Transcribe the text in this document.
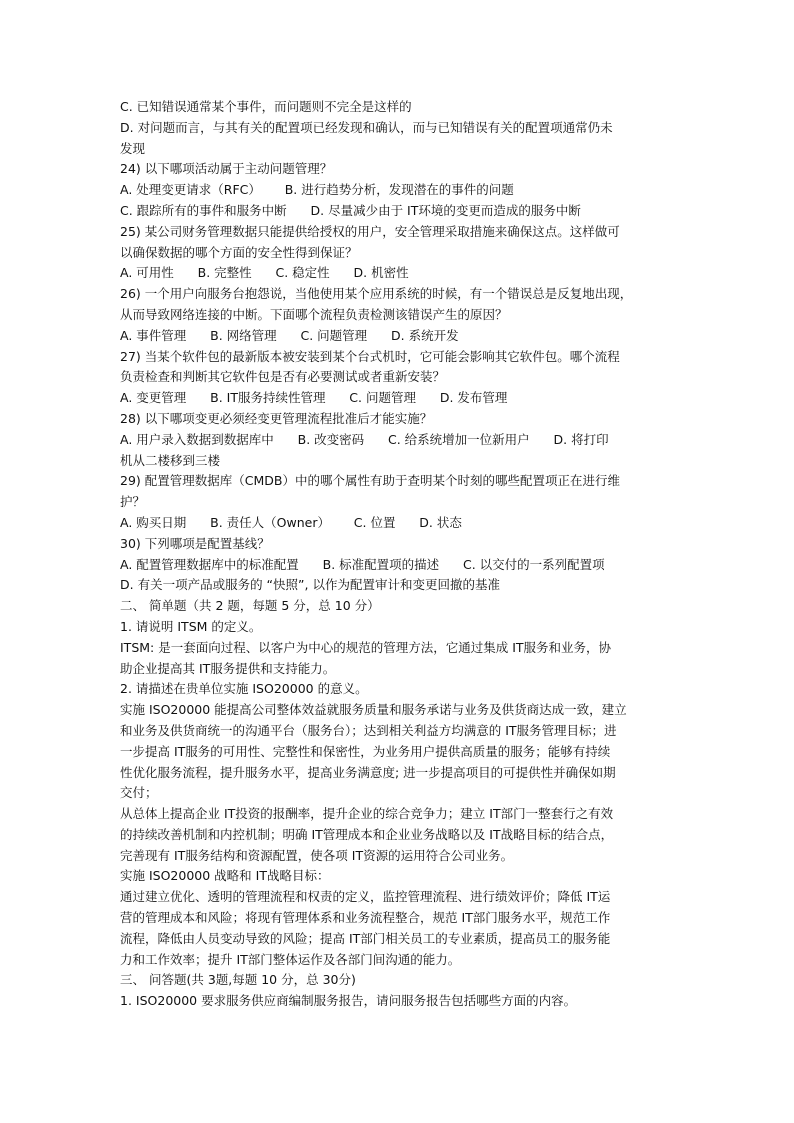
C. 已知错误通常某个事件，而问题则不完全是这样的
D. 对问题而言，与其有关的配置项已经发现和确认，而与已知错误有关的配置项通常仍未
发现
24) 以下哪项活动属于主动问题管理？
A. 处理变更请求（RFC）      B. 进行趋势分析，发现潜在的事件的问题
C. 跟踪所有的事件和服务中断      D. 尽量减少由于 IT环境的变更而造成的服务中断
25) 某公司财务管理数据只能提供给授权的用户，安全管理采取措施来确保这点。这样做可
以确保数据的哪个方面的安全性得到保证？
A. 可用性      B. 完整性      C. 稳定性      D. 机密性
26) 一个用户向服务台抱怨说，当他使用某个应用系统的时候，有一个错误总是反复地出现，
从而导致网络连接的中断。下面哪个流程负责检测该错误产生的原因？
A. 事件管理      B. 网络管理      C. 问题管理      D. 系统开发
27) 当某个软件包的最新版本被安装到某个台式机时，它可能会影响其它软件包。哪个流程
负责检查和判断其它软件包是否有必要测试或者重新安装？
A. 变更管理      B. IT服务持续性管理      C. 问题管理      D. 发布管理
28) 以下哪项变更必须经变更管理流程批准后才能实施？
A. 用户录入数据到数据库中      B. 改变密码      C. 给系统增加一位新用户      D. 将打印
机从二楼移到三楼
29) 配置管理数据库（CMDB）中的哪个属性有助于查明某个时刻的哪些配置项正在进行维
护？
A. 购买日期      B. 责任人（Owner）      C. 位置      D. 状态
30) 下列哪项是配置基线？
A. 配置管理数据库中的标准配置      B. 标准配置项的描述      C. 以交付的一系列配置项
D. 有关一项产品或服务的 “快照”, 以作为配置审计和变更回撤的基准
二、 简单题（共 2 题，每题 5 分，总 10 分）
1. 请说明 ITSM 的定义。
ITSM: 是一套面向过程、以客户为中心的规范的管理方法，它通过集成 IT服务和业务，协
助企业提高其 IT服务提供和支持能力。
2. 请描述在贵单位实施 ISO20000 的意义。
实施 ISO20000 能提高公司整体效益就服务质量和服务承诺与业务及供货商达成一致，建立
和业务及供货商统一的沟通平台（服务台）；达到相关利益方均满意的 IT服务管理目标；进
一步提高 IT服务的可用性、完整性和保密性，为业务用户提供高质量的服务；能够有持续
性优化服务流程，提升服务水平，提高业务满意度; 进一步提高项目的可提供性并确保如期
交付；
从总体上提高企业 IT投资的报酬率，提升企业的综合竞争力；建立 IT部门一整套行之有效
的持续改善机制和内控机制；明确 IT管理成本和企业业务战略以及 IT战略目标的结合点，
完善现有 IT服务结构和资源配置，使各项 IT资源的运用符合公司业务。
实施 ISO20000 战略和 IT战略目标：
通过建立优化、透明的管理流程和权责的定义，监控管理流程、进行绩效评价；降低 IT运
营的管理成本和风险；将现有管理体系和业务流程整合，规范 IT部门服务水平，规范工作
流程，降低由人员变动导致的风险；提高 IT部门相关员工的专业素质，提高员工的服务能
力和工作效率；提升 IT部门整体运作及各部门间沟通的能力。
三、 问答题(共 3题,每题 10 分，总 30分)
1. ISO20000 要求服务供应商编制服务报告，请问服务报告包括哪些方面的内容。
